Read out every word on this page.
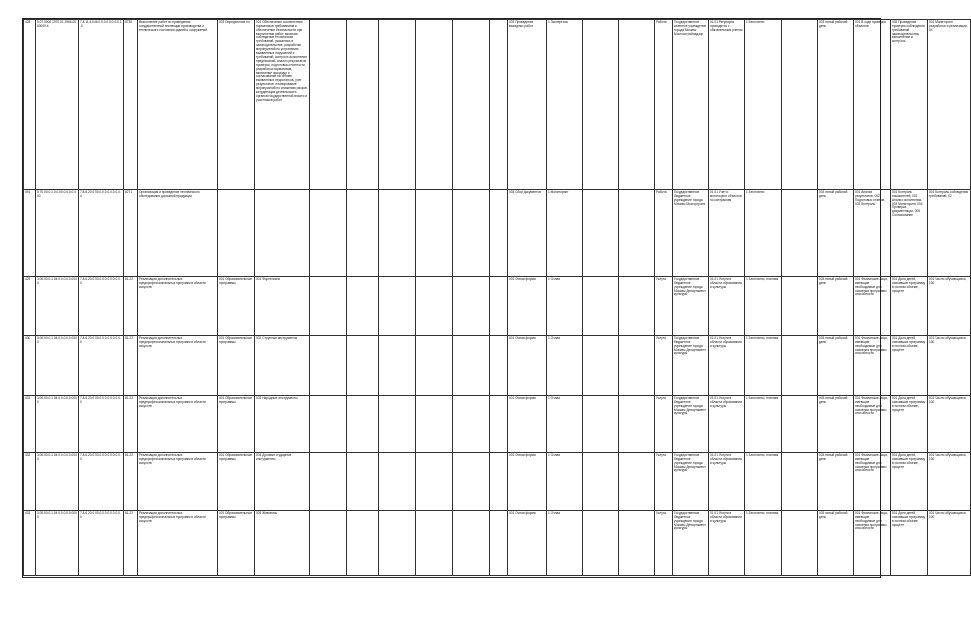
428	5.07.0000.1970.01.1966.0000000.4	7.8.11.4.046.0.0.0.0.0.0.0.0.1.0	8730	Выполнение работ по проведению государственной инспекции производства и технического состояния зданий и сооружений	003 Определение по	001 Обеспечение соответствия нормативов требованиям и обеспечение безопасности при выполнении работ, включая соблюдение технических требований, указанных в законодательстве, разработке мероприятий по устранению выявленных нарушений и требований, контроль исполнения предписаний, анализ результатов проверок, подготовка отчетности, разработка нормативов, включение процедур и согласование на основе выявленных недостатков, учет результатов, планирование мероприятий по снижению рисков, координация деятельности органов государственной власти и участников работ							003 Проведение выездных работ	1 Экспертиза			Работа	Государственное казенное учреждение города Москвы Мосгосстройнадзор	01.01 Регулярно проводится с обязательным учетом	1 Бесплатно		003 пятый рабочий день	001 В ходе проверки объектов	005 Проведение проверок соблюдения требований законодательства, выполнение и контроль	001 Мониторинг разработки и реализации, 04
491	5.70.00.0.1.0.0.00.0.0.0.0.000	7.8.6.20.0.00.0.0.0.0.0.0.0.0.4	8271	Организация и проведение технического обследования дорожной продукции									003 Сбор документов	1 Мониторинг			Работа	Государственное бюджетное учреждение города Москвы Мосгортранс	01.01 Учет и мониторинг объектов по контрактам	1 Бесплатно		003 пятый рабочий день	001 Анализ результатов, 002 Подготовка отчетов, 003 Контроль	001 Контроль показателей, 002 Анализ исполнения, 003 Мониторинг, 004 Проверка документации, 005 Согласование	001 Контроль соблюдения требований, 02
429	3.00.00.0.1.04.0.0.0.0.0.0000	7.8.6.20.0.00.0.0.0.0.0.0.0.0.0	81.22	Реализация дополнительных предпрофессиональных программ в области искусств	001 Образовательные программы	001 Фортепиано							001 Очная форма	1 Очная			Услуга	Государственное бюджетное учреждение города Москвы Департамент культуры	01.01 Услуги в области образования и культуры	1 Бесплатно, платная		003 пятый рабочий день	001 Физические лица, имеющие необходимые для освоения программы способности	001 Доля детей, освоивших программу в полном объеме, процент	001 Число обучающихся, 100
430	3.00.00.0.1.04.0.0.0.0.0.0000	7.8.6.20.0.00.0.0.0.0.0.0.0.0.0	81.22	Реализация дополнительных предпрофессиональных программ в области искусств	001 Образовательные программы	002 Струнные инструменты							001 Очная форма	1 Очная			Услуга	Государственное бюджетное учреждение города Москвы Департамент культуры	01.01 Услуги в области образования и культуры	1 Бесплатно, платная		003 пятый рабочий день	001 Физические лица, имеющие необходимые для освоения программы способности	001 Доля детей, освоивших программу в полном объеме, процент	001 Число обучающихся, 100
431	3.00.00.0.1.04.0.0.0.0.0.0000	7.8.6.20.0.00.0.0.0.0.0.0.0.0.0	81.22	Реализация дополнительных предпрофессиональных программ в области искусств	001 Образовательные программы	003 Народные инструменты							001 Очная форма	1 Очная			Услуга	Государственное бюджетное учреждение города Москвы Департамент культуры	01.01 Услуги в области образования и культуры	1 Бесплатно, платная		003 пятый рабочий день	001 Физические лица, имеющие необходимые для освоения программы способности	001 Доля детей, освоивших программу в полном объеме, процент	001 Число обучающихся, 100
432	3.00.00.0.1.04.0.0.0.0.0.0000	7.8.6.20.0.00.0.0.0.0.0.0.0.0.0	81.22	Реализация дополнительных предпрофессиональных программ в области искусств	001 Образовательные программы	004 Духовые и ударные инструменты							001 Очная форма	1 Очная			Услуга	Государственное бюджетное учреждение города Москвы Департамент культуры	01.01 Услуги в области образования и культуры	1 Бесплатно, платная		003 пятый рабочий день	001 Физические лица, имеющие необходимые для освоения программы способности	001 Доля детей, освоивших программу в полном объеме, процент	001 Число обучающихся, 100
433	3.00.00.0.1.04.0.0.0.0.0.0000	7.8.6.20.0.00.0.0.0.0.0.0.0.0.0	81.22	Реализация дополнительных предпрофессиональных программ в области искусств	001 Образовательные программы	005 Живопись							001 Очная форма	1 Очная			Услуга	Государственное бюджетное учреждение города Москвы Департамент культуры	01.01 Услуги в области образования и культуры	1 Бесплатно, платная		003 пятый рабочий день	001 Физические лица, имеющие необходимые для освоения программы способности	001 Доля детей, освоивших программу в полном объеме, процент	001 Число обучающихся, 100
